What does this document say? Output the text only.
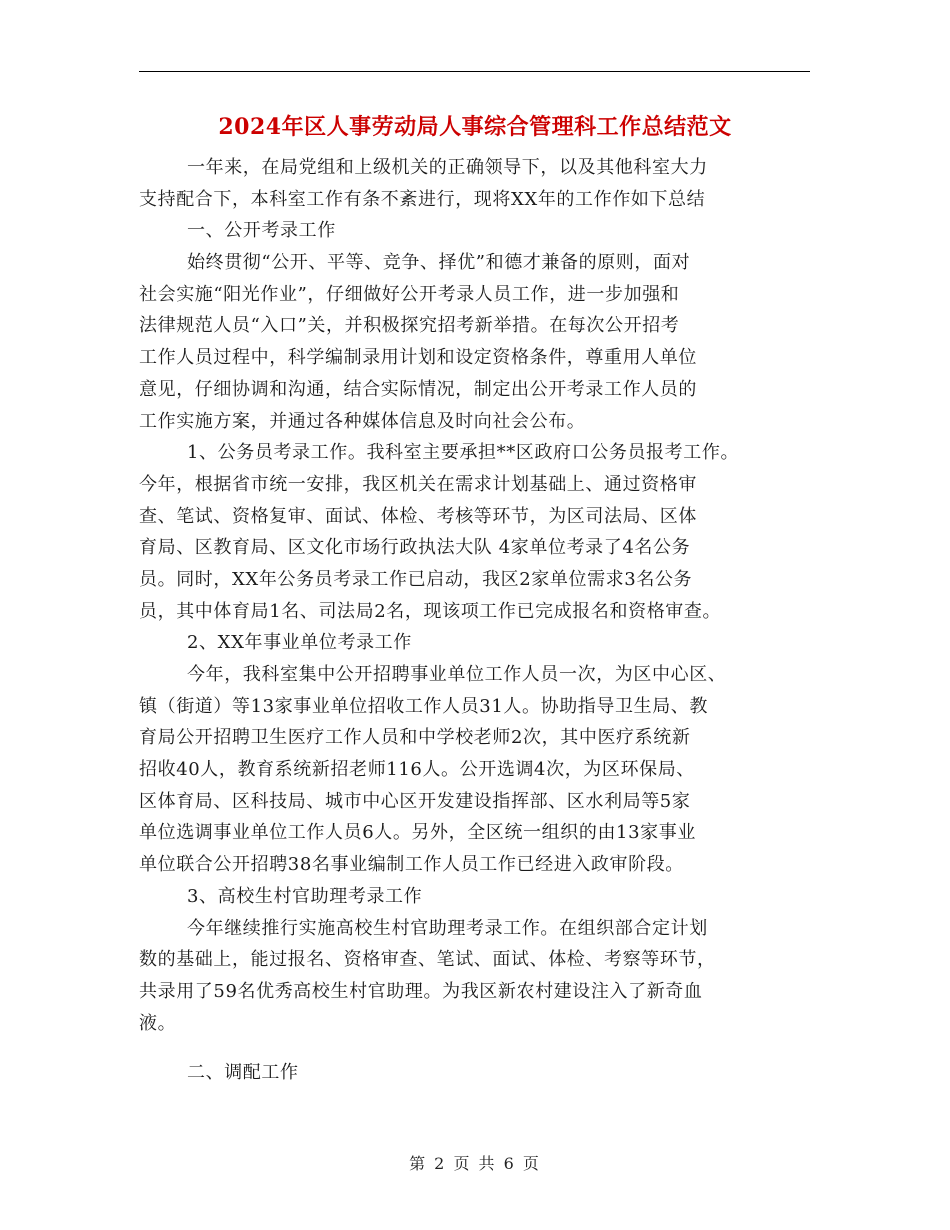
2024年区人事劳动局人事综合管理科工作总结范文
一年来，在局党组和上级机关的正确领导下，以及其他科室大力
支持配合下，本科室工作有条不紊进行，现将XX年的工作作如下总结
一、公开考录工作
始终贯彻“公开、平等、竞争、择优”和德才兼备的原则，面对
社会实施“阳光作业”，仔细做好公开考录人员工作，进一步加强和
法律规范人员“入口”关，并积极探究招考新举措。在每次公开招考
工作人员过程中，科学编制录用计划和设定资格条件，尊重用人单位
意见，仔细协调和沟通，结合实际情况，制定出公开考录工作人员的
工作实施方案，并通过各种媒体信息及时向社会公布。
1、公务员考录工作。我科室主要承担**区政府口公务员报考工作。
今年，根据省市统一安排，我区机关在需求计划基础上、通过资格审
查、笔试、资格复审、面试、体检、考核等环节，为区司法局、区体
育局、区教育局、区文化市场行政执法大队 4家单位考录了4名公务
员。同时，XX年公务员考录工作已启动，我区2家单位需求3名公务
员，其中体育局1名、司法局2名，现该项工作已完成报名和资格审查。
2、XX年事业单位考录工作
今年，我科室集中公开招聘事业单位工作人员一次，为区中心区、
镇（街道）等13家事业单位招收工作人员31人。协助指导卫生局、教
育局公开招聘卫生医疗工作人员和中学校老师2次，其中医疗系统新
招收40人，教育系统新招老师116人。公开选调4次，为区环保局、
区体育局、区科技局、城市中心区开发建设指挥部、区水利局等5家
单位选调事业单位工作人员6人。另外，全区统一组织的由13家事业
单位联合公开招聘38名事业编制工作人员工作已经进入政审阶段。
3、高校生村官助理考录工作
今年继续推行实施高校生村官助理考录工作。在组织部合定计划
数的基础上，能过报名、资格审查、笔试、面试、体检、考察等环节，
共录用了59名优秀高校生村官助理。为我区新农村建设注入了新奇血
液。
二、调配工作
第 2 页 共 6 页
